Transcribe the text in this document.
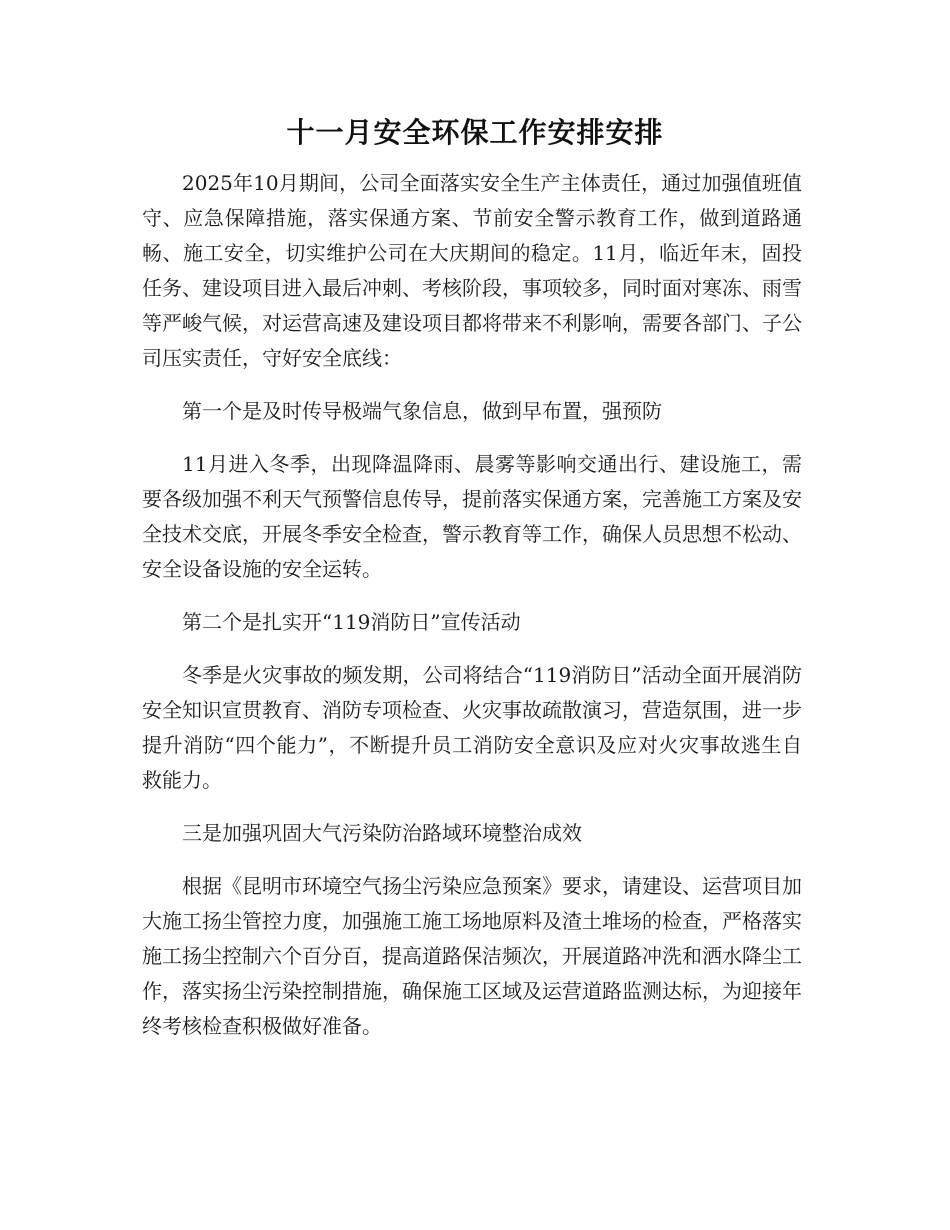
十一月安全环保工作安排安排

2025年10月期间，公司全面落实安全生产主体责任，通过加强值班值守、应急保障措施，落实保通方案、节前安全警示教育工作，做到道路通畅、施工安全，切实维护公司在大庆期间的稳定。11月，临近年末，固投任务、建设项目进入最后冲刺、考核阶段，事项较多，同时面对寒冻、雨雪等严峻气候，对运营高速及建设项目都将带来不利影响，需要各部门、子公司压实责任，守好安全底线：

第一个是及时传导极端气象信息，做到早布置，强预防

11月进入冬季，出现降温降雨、晨雾等影响交通出行、建设施工，需要各级加强不利天气预警信息传导，提前落实保通方案，完善施工方案及安全技术交底，开展冬季安全检查，警示教育等工作，确保人员思想不松动、安全设备设施的安全运转。

第二个是扎实开“119消防日”宣传活动

冬季是火灾事故的频发期，公司将结合“119消防日”活动全面开展消防安全知识宣贯教育、消防专项检查、火灾事故疏散演习，营造氛围，进一步提升消防“四个能力”，不断提升员工消防安全意识及应对火灾事故逃生自救能力。

三是加强巩固大气污染防治路域环境整治成效

根据《昆明市环境空气扬尘污染应急预案》要求，请建设、运营项目加大施工扬尘管控力度，加强施工施工场地原料及渣土堆场的检查，严格落实施工扬尘控制六个百分百，提高道路保洁频次，开展道路冲洗和洒水降尘工作，落实扬尘污染控制措施，确保施工区域及运营道路监测达标，为迎接年终考核检查积极做好准备。
